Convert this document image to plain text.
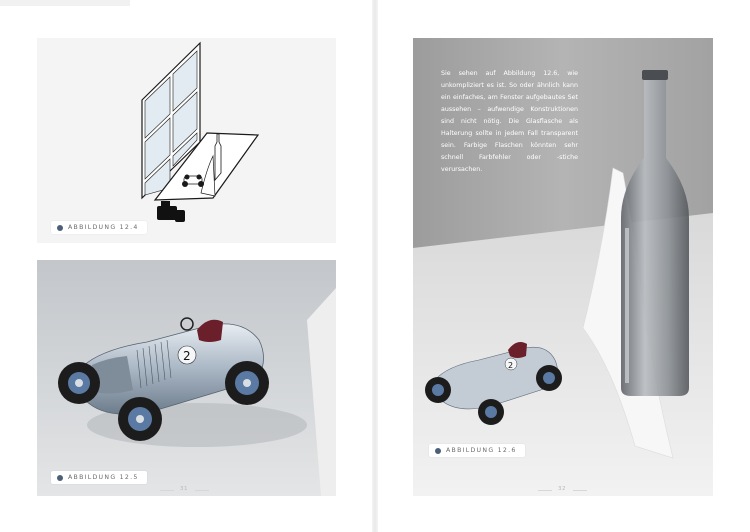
ABBILDUNG 12.4
2
ABBILDUNG 12.5
2

Sie sehen auf Abbildung 12.6, wie unkompliziert es ist. So oder ähnlich kann ein einfaches, am Fenster aufgebautes Set aussehen – aufwendige Konstruktionen sind nicht nötig. Die Glasflasche als Halterung sollte in jedem Fall transparent sein. Farbige Flaschen könnten sehr schnell Farbfehler oder -stiche verursachen.

ABBILDUNG 12.6
31	32
